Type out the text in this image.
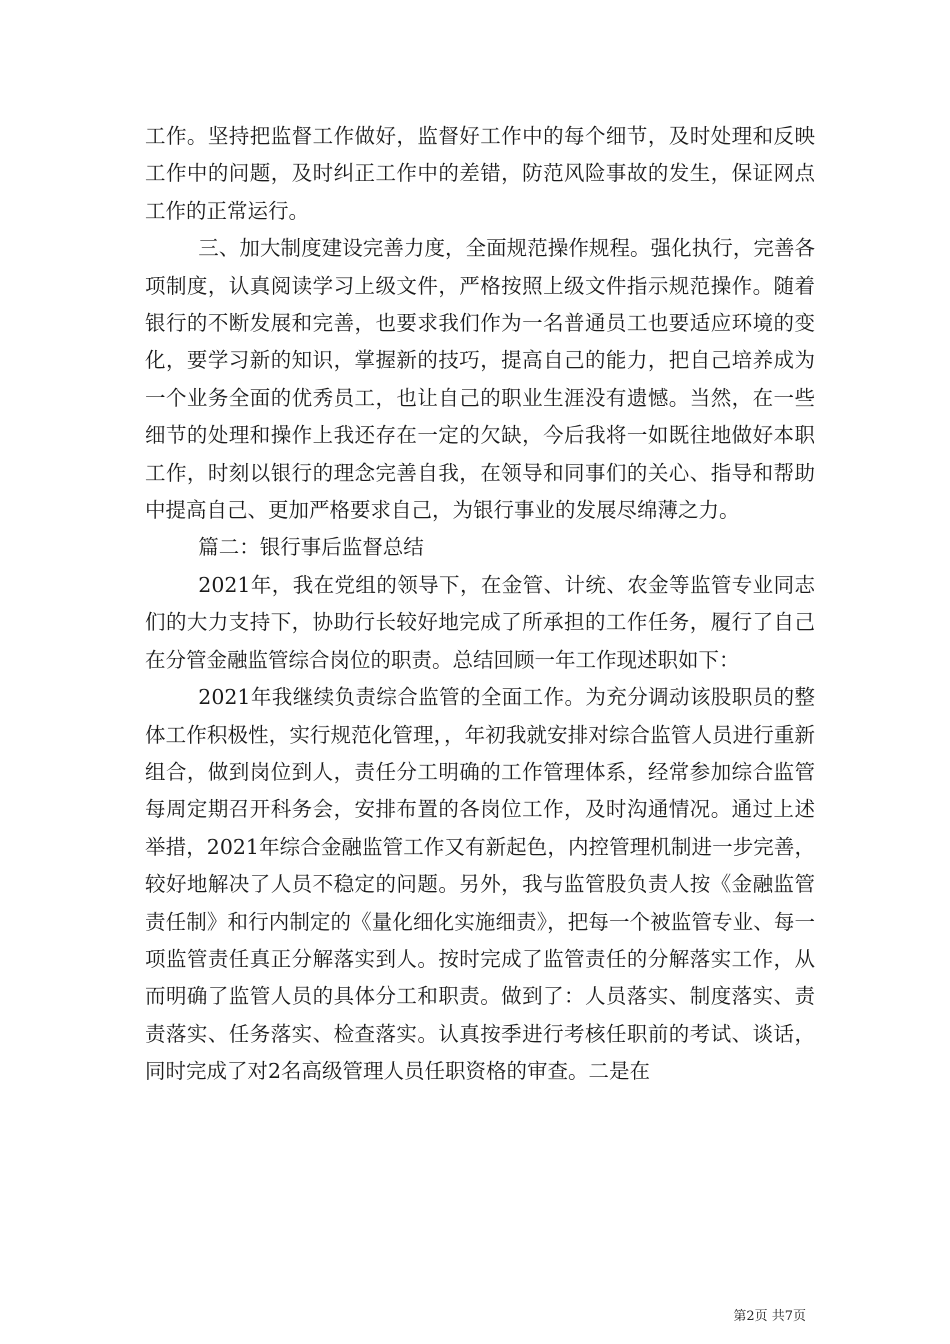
工作。坚持把监督工作做好，监督好工作中的每个细节，及时处理和反映工作中的问题，及时纠正工作中的差错，防范风险事故的发生，保证网点工作的正常运行。

三、加大制度建设完善力度，全面规范操作规程。强化执行，完善各项制度，认真阅读学习上级文件，严格按照上级文件指示规范操作。随着银行的不断发展和完善，也要求我们作为一名普通员工也要适应环境的变化，要学习新的知识，掌握新的技巧，提高自己的能力，把自己培养成为一个业务全面的优秀员工，也让自己的职业生涯没有遗憾。当然，在一些细节的处理和操作上我还存在一定的欠缺，今后我将一如既往地做好本职工作，时刻以银行的理念完善自我，在领导和同事们的关心、指导和帮助中提高自己、更加严格要求自己，为银行事业的发展尽绵薄之力。

篇二：银行事后监督总结

2021年，我在党组的领导下，在金管、计统、农金等监管专业同志们的大力支持下，协助行长较好地完成了所承担的工作任务，履行了自己在分管金融监管综合岗位的职责。总结回顾一年工作现述职如下：

2021年我继续负责综合监管的全面工作。为充分调动该股职员的整体工作积极性，实行规范化管理，，年初我就安排对综合监管人员进行重新组合，做到岗位到人，责任分工明确的工作管理体系，经常参加综合监管每周定期召开科务会，安排布置的各岗位工作，及时沟通情况。通过上述举措，2021年综合金融监管工作又有新起色，内控管理机制进一步完善，较好地解决了人员不稳定的问题。另外，我与监管股负责人按《金融监管责任制》和行内制定的《量化细化实施细责》，把每一个被监管专业、每一项监管责任真正分解落实到人。按时完成了监管责任的分解落实工作，从而明确了监管人员的具体分工和职责。做到了：人员落实、制度落实、责责落实、任务落实、检查落实。认真按季进行考核任职前的考试、谈话，同时完成了对2名高级管理人员任职资格的审查。二是在

第2页 共7页
